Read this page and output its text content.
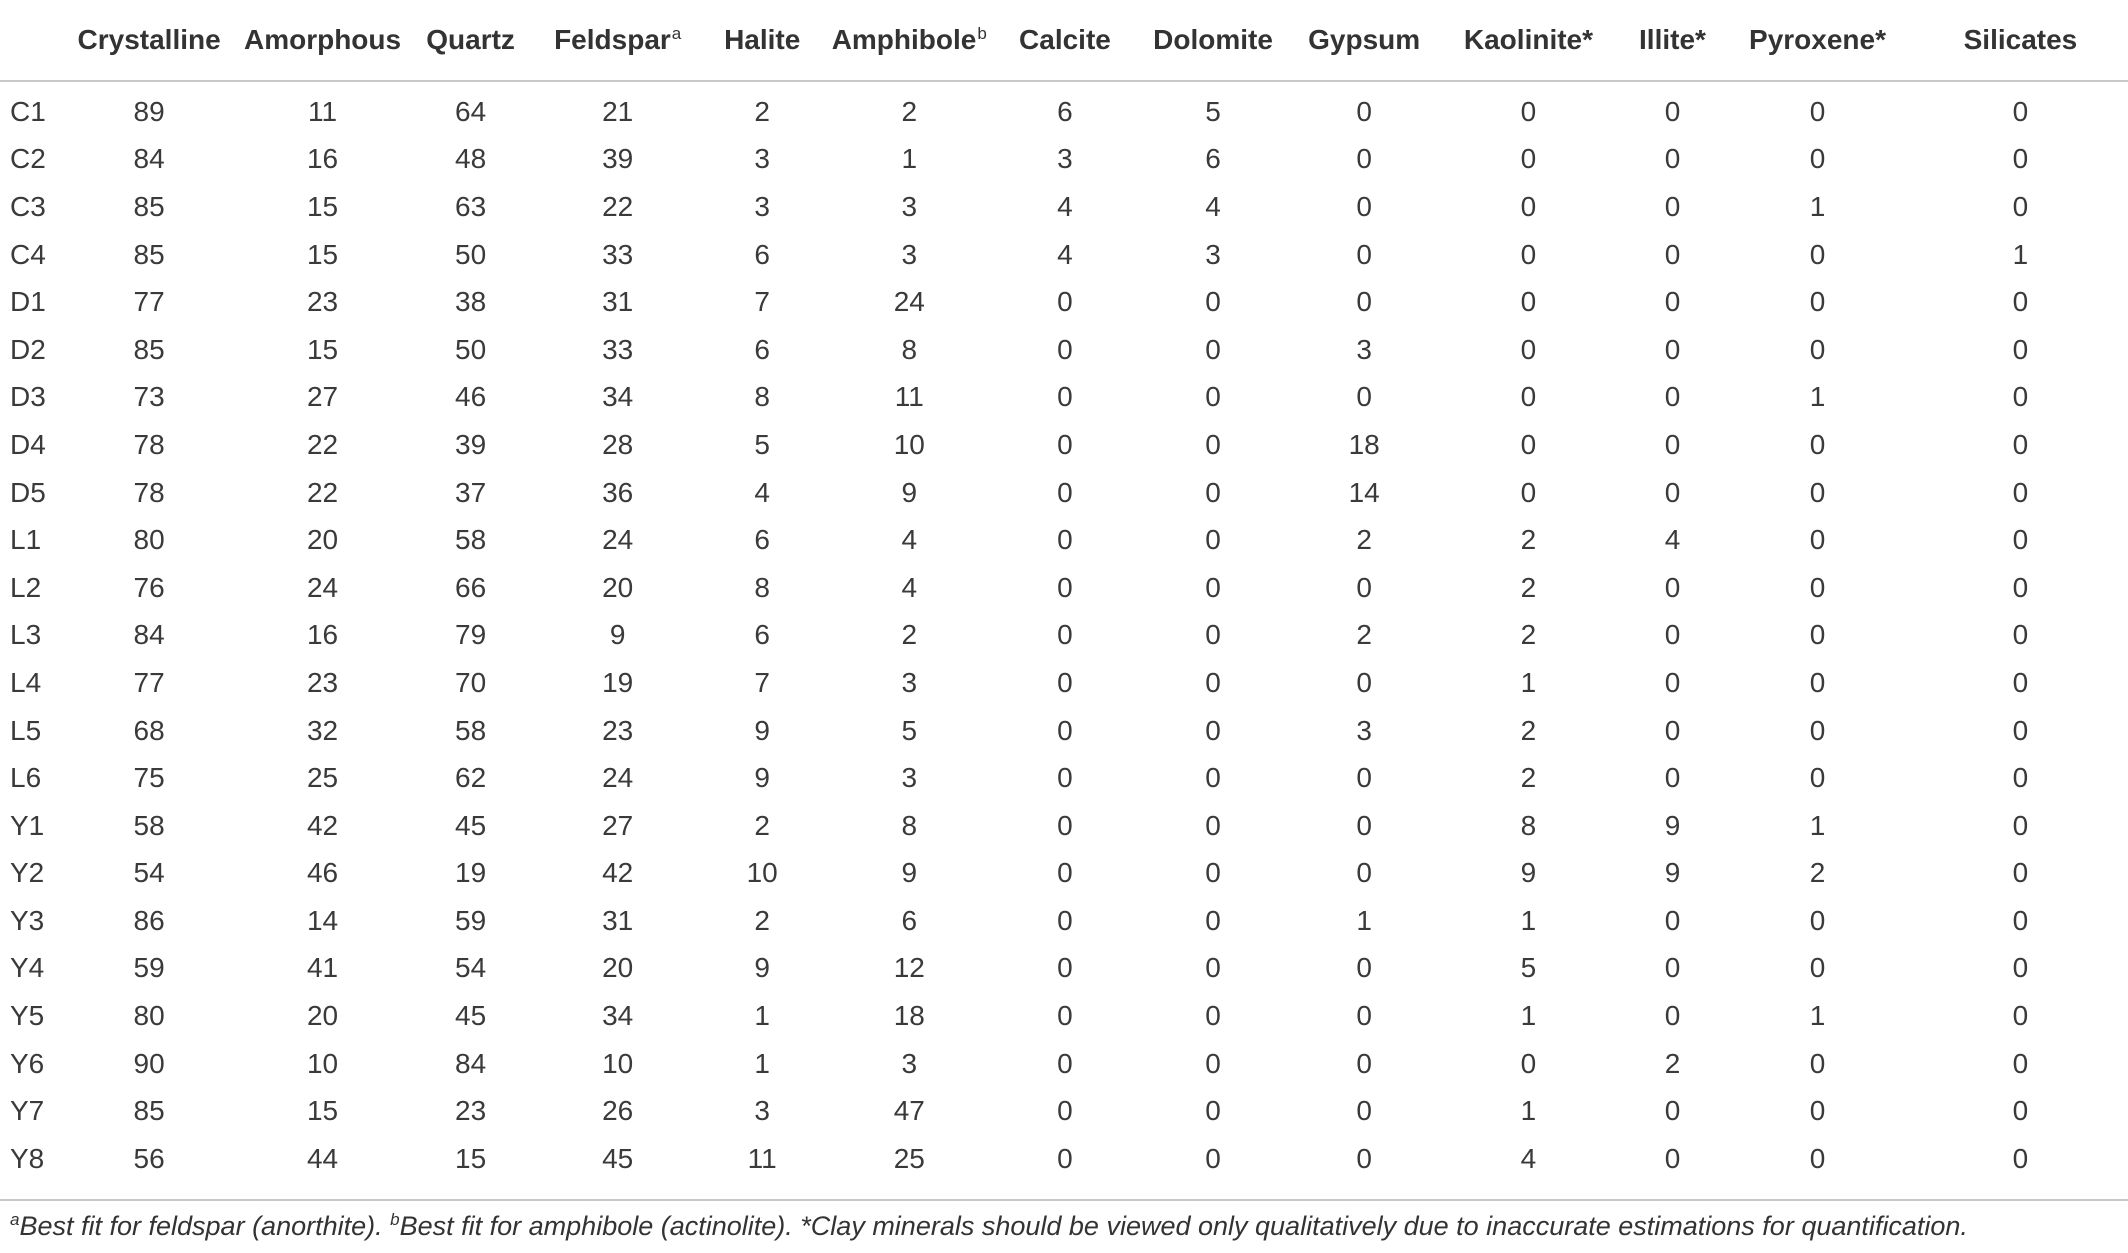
	Crystalline	Amorphous	Quartz	Feldspar$^a$	Halite	Amphibole$^b$	Calcite	Dolomite	Gypsum	Kaolinite*	Illite*	Pyroxene*	Silicates
C1	89	11	64	21	2	2	6	5	0	0	0	0	0
C2	84	16	48	39	3	1	3	6	0	0	0	0	0
C3	85	15	63	22	3	3	4	4	0	0	0	1	0
C4	85	15	50	33	6	3	4	3	0	0	0	0	1
D1	77	23	38	31	7	24	0	0	0	0	0	0	0
D2	85	15	50	33	6	8	0	0	3	0	0	0	0
D3	73	27	46	34	8	11	0	0	0	0	0	1	0
D4	78	22	39	28	5	10	0	0	18	0	0	0	0
D5	78	22	37	36	4	9	0	0	14	0	0	0	0
L1	80	20	58	24	6	4	0	0	2	2	4	0	0
L2	76	24	66	20	8	4	0	0	0	2	0	0	0
L3	84	16	79	9	6	2	0	0	2	2	0	0	0
L4	77	23	70	19	7	3	0	0	0	1	0	0	0
L5	68	32	58	23	9	5	0	0	3	2	0	0	0
L6	75	25	62	24	9	3	0	0	0	2	0	0	0
Y1	58	42	45	27	2	8	0	0	0	8	9	1	0
Y2	54	46	19	42	10	9	0	0	0	9	9	2	0
Y3	86	14	59	31	2	6	0	0	1	1	0	0	0
Y4	59	41	54	20	9	12	0	0	0	5	0	0	0
Y5	80	20	45	34	1	18	0	0	0	1	0	1	0
Y6	90	10	84	10	1	3	0	0	0	0	2	0	0
Y7	85	15	23	26	3	47	0	0	0	1	0	0	0
Y8	56	44	15	45	11	25	0	0	0	4	0	0	0
$^a$Best fit for feldspar (anorthite). $^b$Best fit for amphibole (actinolite). *Clay minerals should be viewed only qualitatively due to inaccurate estimations for quantification.
